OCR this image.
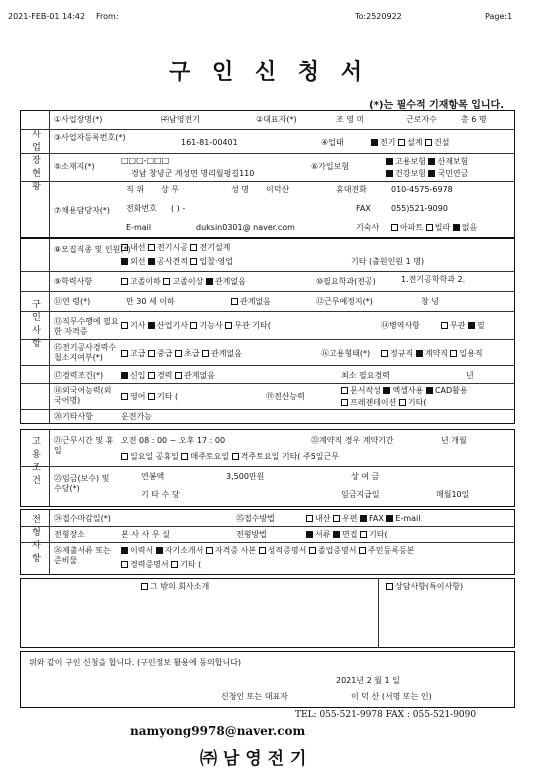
2021-FEB-01 14:42 From:	To:2520922	Page:1
구 인 신 청 서
(*)는 필수적 기재항목 입니다.
사업장현황
①사업장명(*)	㈜남영전기	②대표자(*)	조 영 미	근로자수	총 6 명
③사업자등록번호(*)
161-81-00401	④업태	전기 설계 건설
⑤소재지(*)
□□□-□□□
경남 창녕군 계성면 명리월평길110
⑥가입보험
고용보험 산재보험
건강보험 국민연금
⑦채용담당자(*)
직 위 상 무	성 명 이덕산	휴대전화	010-4575-6978
전화번호 ( ) -	FAX	055)521-9090
E-mail	duksin0301@ naver.com	기숙사	아파트 빌라 없음
구인사항
⑧모집직종 및 인원(*) 내선 전기시공 전기설계
외선 공사견적 입찰·영업	기타 (출원인원 1 명)
⑨학력사항	고졸이하 고졸이상 관계없음	⑩필요학과(전공)	1.전기공학학과 2.
⑪연 령(*)	만 30 세 이하	관계없음	⑫근무예정지(*)	창 녕
⑬직무수행에 필요한 자격증
기사 산업기사 기능사 무관 기타(	⑭병역사항	무관 필
⑮전기공사경력수첩소지여부(*)	고급 중급 초급 관계없음	⑯고용형태(*)	정규직 계약직 일용직
⑰경력조건(*)	신입 경력 관계없음	최소 필요경력	년
⑱외국어능력(외국어명)	영어 기타 (	⑲전산능력
문서작성 엑셀사용 CAD활용
프레젠테이션 기타(
⑳기타사항	운전가능
고용조건 ㉑근무시간 및 휴일
오전 08 : 00 ~ 오후 17 : 00	㉒계약직 경우 계약기간	년 개월
일요일 공휴일 매주토요일 격주토요일 기타( 주5일근무
㉓임금(보수) 및 수당(*)
연봉액	3,500만원	상 여 금
기 타 수 당	임금지급일	매월10일
전형사항 ㉔접수마감일(*)	㉕접수방법	내산 우편 FAX E-mail
전형장소	본 사 사 무 실	전형방법	서류 면접 기타(
㉖제출서류 또는 준비물
이력서 자기소개서 자격증 사본 성적증명서 졸업증명서 주민등록등본
경력증명서 기타 (
그 밖의 회사소개	상담사항(특이사항)
위와 같이 구인 신청을 합니다. (구인정보 활용에 동의합니다)
2021년 2 월 1 일
신청인 또는 대표자	이 덕 산 (서명 또는 인)
TEL: 055-521-9978 FAX : 055-521-9090
namyong9978@naver.com
㈜ 남 영 전 기
